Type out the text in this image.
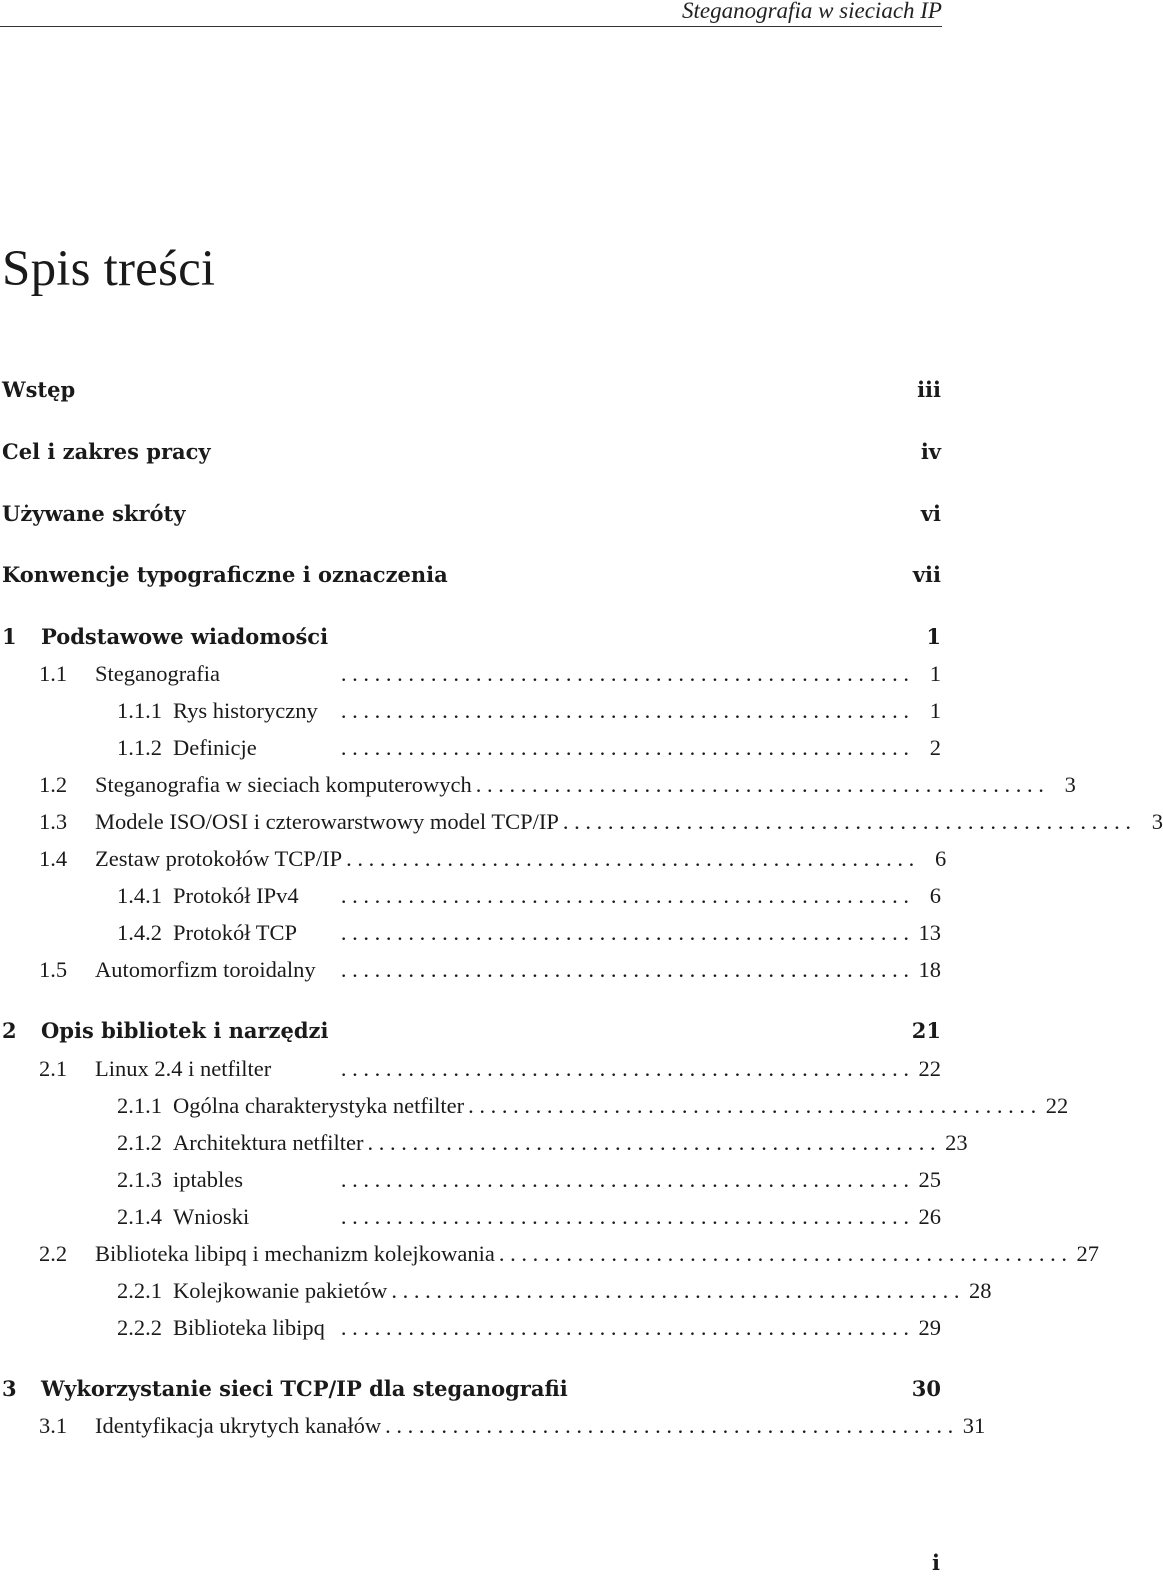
Steganografia w sieciach IP
Spis treści
Wstęp	iii
Cel i zakres pracy	iv
Używane skróty	vi
Konwencje typograficzne i oznaczenia	vii
1	Podstawowe wiadomości	1
1.1	Steganografia	. . . . . . . . . . . . . . . . . . . . . . . . . . . . . . . . . . . . . . . . . . . . . . . . . . . 1
1.1.1 Rys historyczny	. . . . . . . . . . . . . . . . . . . . . . . . . . . . . . . . . . . . . . . . . . . . . . . . . . . 1
1.1.2 Definicje	. . . . . . . . . . . . . . . . . . . . . . . . . . . . . . . . . . . . . . . . . . . . . . . . . . . 2
1.2	Steganografia w sieciach komputerowych . . . . . . . . . . . . . . . . . . . . . . . . . . . . . . . . . . . . . . . . . . . . . . . . . . . 3
1.3	Modele ISO/OSI i czterowarstwowy model TCP/IP . . . . . . . . . . . . . . . . . . . . . . . . . . . . . . . . . . . . . . . . . . . . . . . . . . . 3
1.4	Zestaw protokołów TCP/IP . . . . . . . . . . . . . . . . . . . . . . . . . . . . . . . . . . . . . . . . . . . . . . . . . . . 6
1.4.1 Protokół IPv4	. . . . . . . . . . . . . . . . . . . . . . . . . . . . . . . . . . . . . . . . . . . . . . . . . . . 6
1.4.2 Protokół TCP	. . . . . . . . . . . . . . . . . . . . . . . . . . . . . . . . . . . . . . . . . . . . . . . . . . . 13
1.5	Automorfizm toroidalny	. . . . . . . . . . . . . . . . . . . . . . . . . . . . . . . . . . . . . . . . . . . . . . . . . . . 18
2	Opis bibliotek i narzędzi	21
2.1	Linux 2.4 i netfilter	. . . . . . . . . . . . . . . . . . . . . . . . . . . . . . . . . . . . . . . . . . . . . . . . . . . 22
2.1.1 Ogólna charakterystyka netfilter . . . . . . . . . . . . . . . . . . . . . . . . . . . . . . . . . . . . . . . . . . . . . . . . . . . 22
2.1.2 Architektura netfilter . . . . . . . . . . . . . . . . . . . . . . . . . . . . . . . . . . . . . . . . . . . . . . . . . . . 23
2.1.3 iptables	. . . . . . . . . . . . . . . . . . . . . . . . . . . . . . . . . . . . . . . . . . . . . . . . . . . 25
2.1.4 Wnioski	. . . . . . . . . . . . . . . . . . . . . . . . . . . . . . . . . . . . . . . . . . . . . . . . . . . 26
2.2	Biblioteka libipq i mechanizm kolejkowania . . . . . . . . . . . . . . . . . . . . . . . . . . . . . . . . . . . . . . . . . . . . . . . . . . . 27
2.2.1 Kolejkowanie pakietów . . . . . . . . . . . . . . . . . . . . . . . . . . . . . . . . . . . . . . . . . . . . . . . . . . . 28
2.2.2 Biblioteka libipq . . . . . . . . . . . . . . . . . . . . . . . . . . . . . . . . . . . . . . . . . . . . . . . . . . . 29
3	Wykorzystanie sieci TCP/IP dla steganografii	30
3.1	Identyfikacja ukrytych kanałów . . . . . . . . . . . . . . . . . . . . . . . . . . . . . . . . . . . . . . . . . . . . . . . . . . . 31
i
